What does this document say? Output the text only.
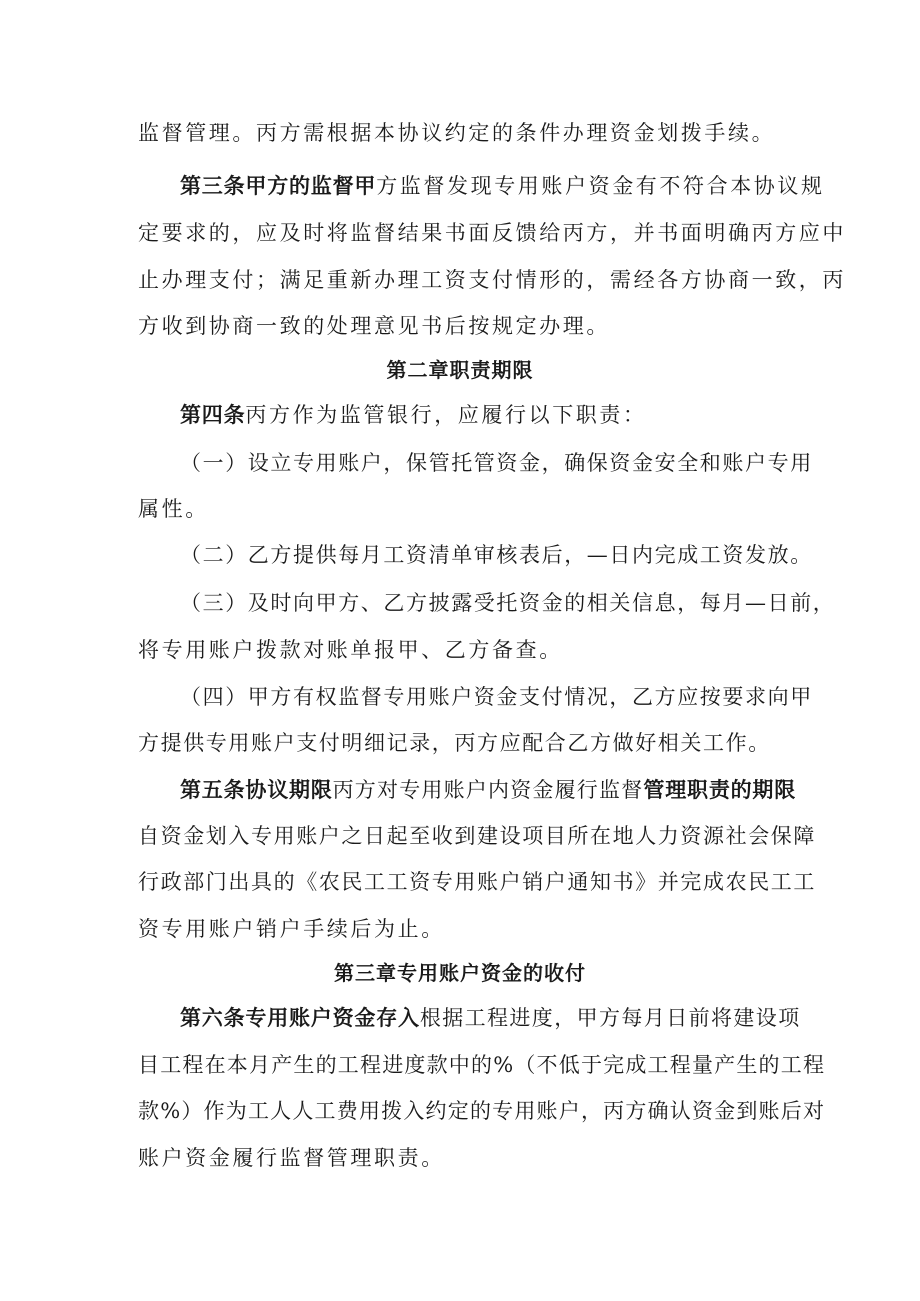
监督管理。丙方需根据本协议约定的条件办理资金划拨手续。
第三条甲方的监督甲方监督发现专用账户资金有不符合本协议规
定要求的，应及时将监督结果书面反馈给丙方，并书面明确丙方应中
止办理支付；满足重新办理工资支付情形的，需经各方协商一致，丙
方收到协商一致的处理意见书后按规定办理。
第二章职责期限
第四条丙方作为监管银行，应履行以下职责：
（一）设立专用账户，保管托管资金，确保资金安全和账户专用
属性。
（二）乙方提供每月工资清单审核表后，—日内完成工资发放。
（三）及时向甲方、乙方披露受托资金的相关信息，每月—日前，
将专用账户拨款对账单报甲、乙方备查。
（四）甲方有权监督专用账户资金支付情况，乙方应按要求向甲
方提供专用账户支付明细记录，丙方应配合乙方做好相关工作。
第五条协议期限丙方对专用账户内资金履行监督管理职责的期限
自资金划入专用账户之日起至收到建设项目所在地人力资源社会保障
行政部门出具的《农民工工资专用账户销户通知书》并完成农民工工
资专用账户销户手续后为止。
第三章专用账户资金的收付
第六条专用账户资金存入根据工程进度，甲方每月日前将建设项
目工程在本月产生的工程进度款中的%（不低于完成工程量产生的工程
款%）作为工人人工费用拨入约定的专用账户，丙方确认资金到账后对
账户资金履行监督管理职责。
